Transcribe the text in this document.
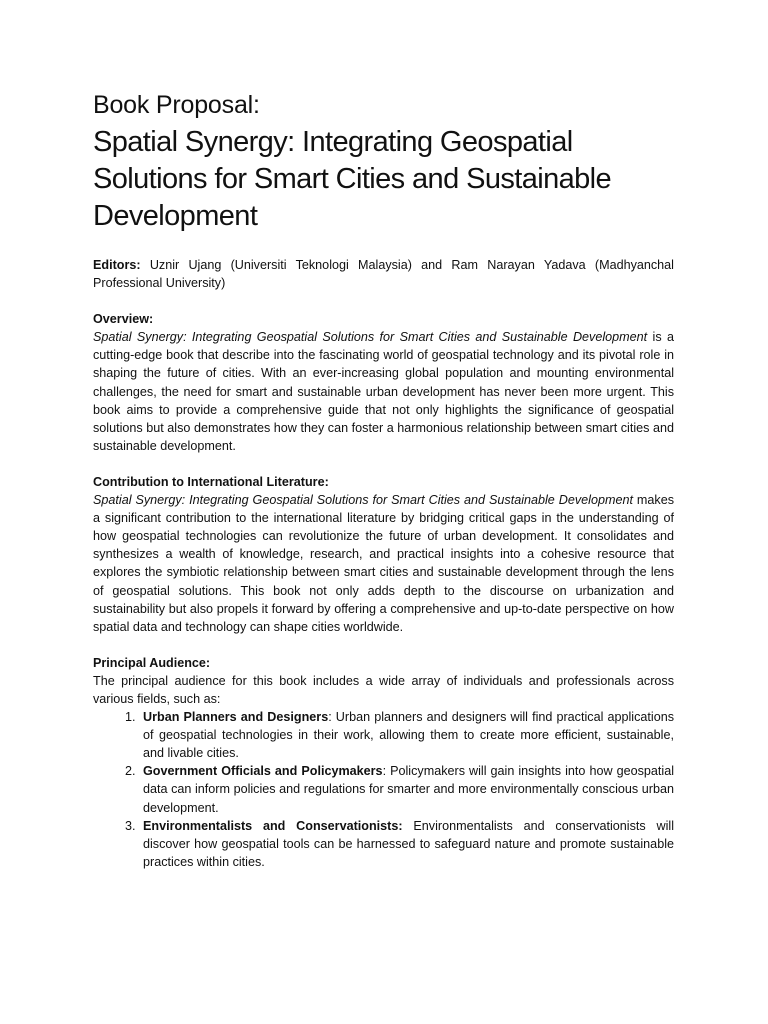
Book Proposal:
Spatial Synergy: Integrating Geospatial Solutions for Smart Cities and Sustainable Development

Editors: Uznir Ujang (Universiti Teknologi Malaysia) and Ram Narayan Yadava (Madhyanchal Professional University)

Overview:

Spatial Synergy: Integrating Geospatial Solutions for Smart Cities and Sustainable Development is a cutting-edge book that describe into the fascinating world of geospatial technology and its pivotal role in shaping the future of cities. With an ever-increasing global population and mounting environmental challenges, the need for smart and sustainable urban development has never been more urgent. This book aims to provide a comprehensive guide that not only highlights the significance of geospatial solutions but also demonstrates how they can foster a harmonious relationship between smart cities and sustainable development.

Contribution to International Literature:

Spatial Synergy: Integrating Geospatial Solutions for Smart Cities and Sustainable Development makes a significant contribution to the international literature by bridging critical gaps in the understanding of how geospatial technologies can revolutionize the future of urban development. It consolidates and synthesizes a wealth of knowledge, research, and practical insights into a cohesive resource that explores the symbiotic relationship between smart cities and sustainable development through the lens of geospatial solutions. This book not only adds depth to the discourse on urbanization and sustainability but also propels it forward by offering a comprehensive and up-to-date perspective on how spatial data and technology can shape cities worldwide.

Principal Audience:

The principal audience for this book includes a wide array of individuals and professionals across various fields, such as:

1. Urban Planners and Designers: Urban planners and designers will find practical applications of geospatial technologies in their work, allowing them to create more efficient, sustainable, and livable cities.
2. Government Officials and Policymakers: Policymakers will gain insights into how geospatial data can inform policies and regulations for smarter and more environmentally conscious urban development.
3. Environmentalists and Conservationists: Environmentalists and conservationists will discover how geospatial tools can be harnessed to safeguard nature and promote sustainable practices within cities.
